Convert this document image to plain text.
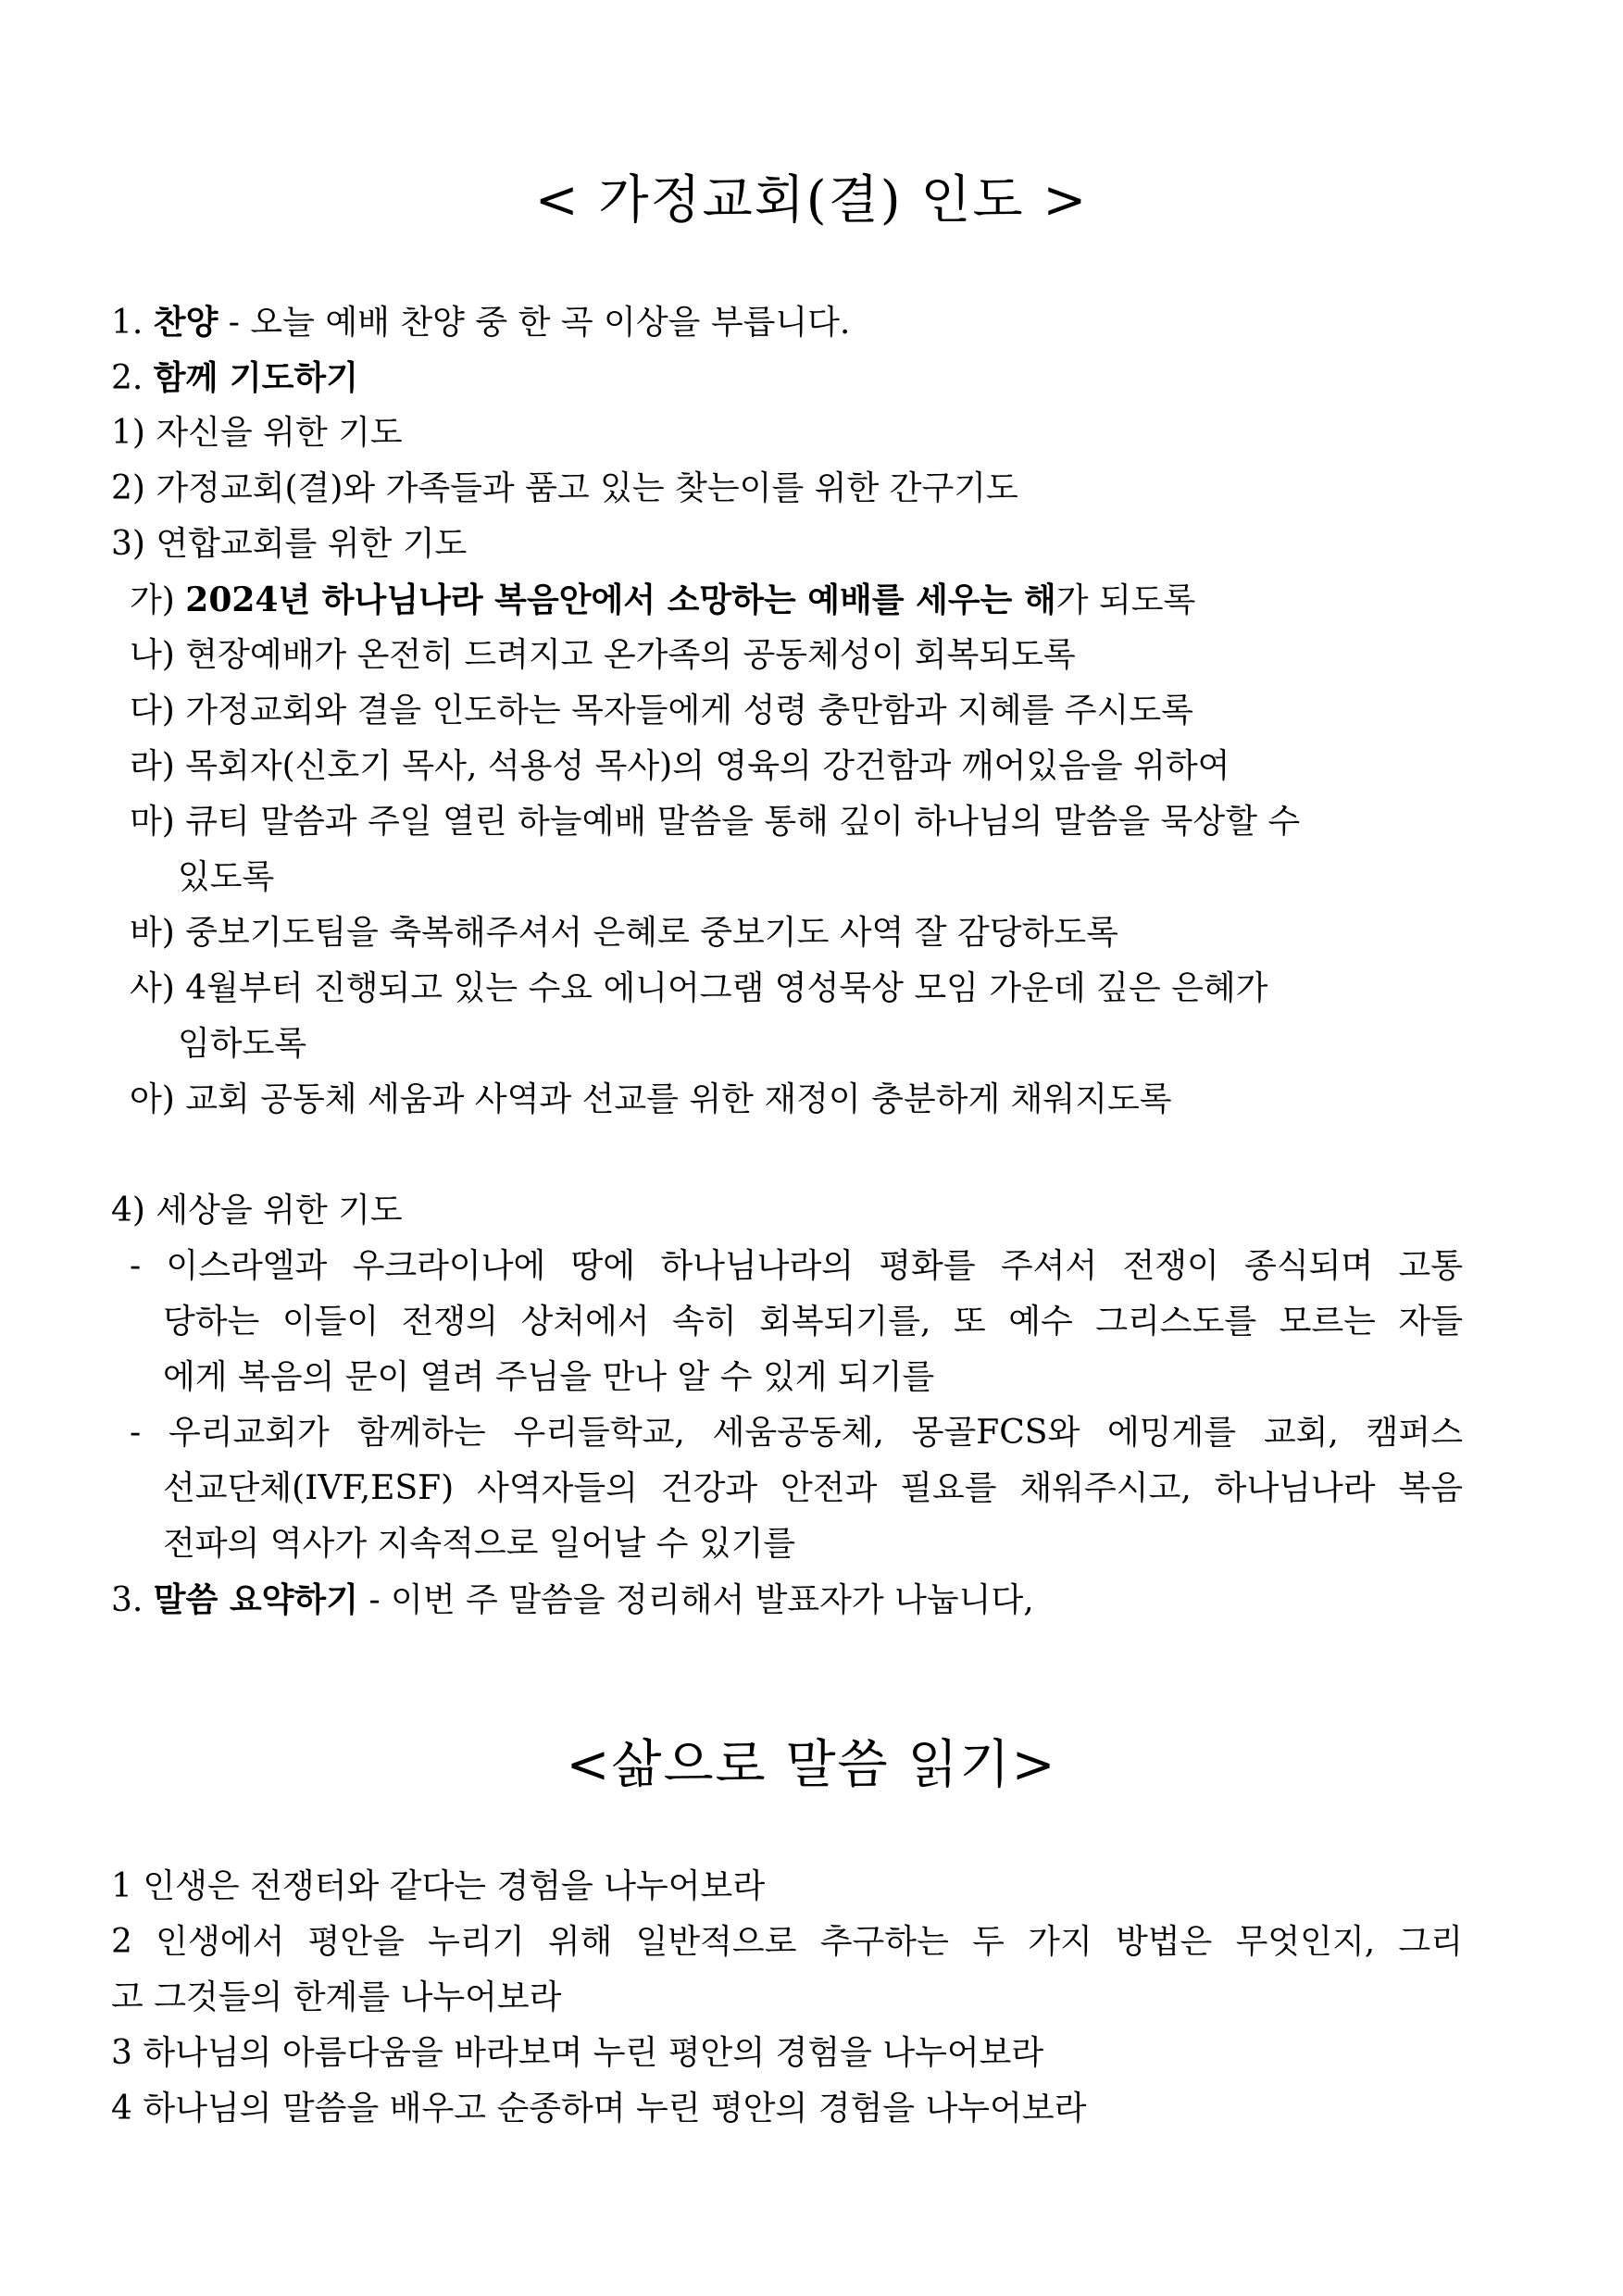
< 가정교회(결) 인도 >
1. 찬양 - 오늘 예배 찬양 중 한 곡 이상을 부릅니다.
2. 함께 기도하기
1) 자신을 위한 기도
2) 가정교회(결)와 가족들과 품고 있는 찾는이를 위한 간구기도
3) 연합교회를 위한 기도
가) 2024년 하나님나라 복음안에서 소망하는 예배를 세우는 해가 되도록
나) 현장예배가 온전히 드려지고 온가족의 공동체성이 회복되도록
다) 가정교회와 결을 인도하는 목자들에게 성령 충만함과 지혜를 주시도록
라) 목회자(신호기 목사, 석용성 목사)의 영육의 강건함과 깨어있음을 위하여
마) 큐티 말씀과 주일 열린 하늘예배 말씀을 통해 깊이 하나님의 말씀을 묵상할 수
있도록
바) 중보기도팀을 축복해주셔서 은혜로 중보기도 사역 잘 감당하도록
사) 4월부터 진행되고 있는 수요 에니어그램 영성묵상 모임 가운데 깊은 은혜가
임하도록
아) 교회 공동체 세움과 사역과 선교를 위한 재정이 충분하게 채워지도록
4) 세상을 위한 기도
- 이스라엘과 우크라이나에 땅에 하나님나라의 평화를 주셔서 전쟁이 종식되며 고통
당하는 이들이 전쟁의 상처에서 속히 회복되기를, 또 예수 그리스도를 모르는 자들
에게 복음의 문이 열려 주님을 만나 알 수 있게 되기를
- 우리교회가 함께하는 우리들학교, 세움공동체, 몽골FCS와 에밍게를 교회, 캠퍼스
선교단체(IVF,ESF) 사역자들의 건강과 안전과 필요를 채워주시고, 하나님나라 복음
전파의 역사가 지속적으로 일어날 수 있기를
3. 말씀 요약하기 - 이번 주 말씀을 정리해서 발표자가 나눕니다,
<삶으로 말씀 읽기>
1 인생은 전쟁터와 같다는 경험을 나누어보라
2 인생에서 평안을 누리기 위해 일반적으로 추구하는 두 가지 방법은 무엇인지, 그리
고 그것들의 한계를 나누어보라
3 하나님의 아름다움을 바라보며 누린 평안의 경험을 나누어보라
4 하나님의 말씀을 배우고 순종하며 누린 평안의 경험을 나누어보라
